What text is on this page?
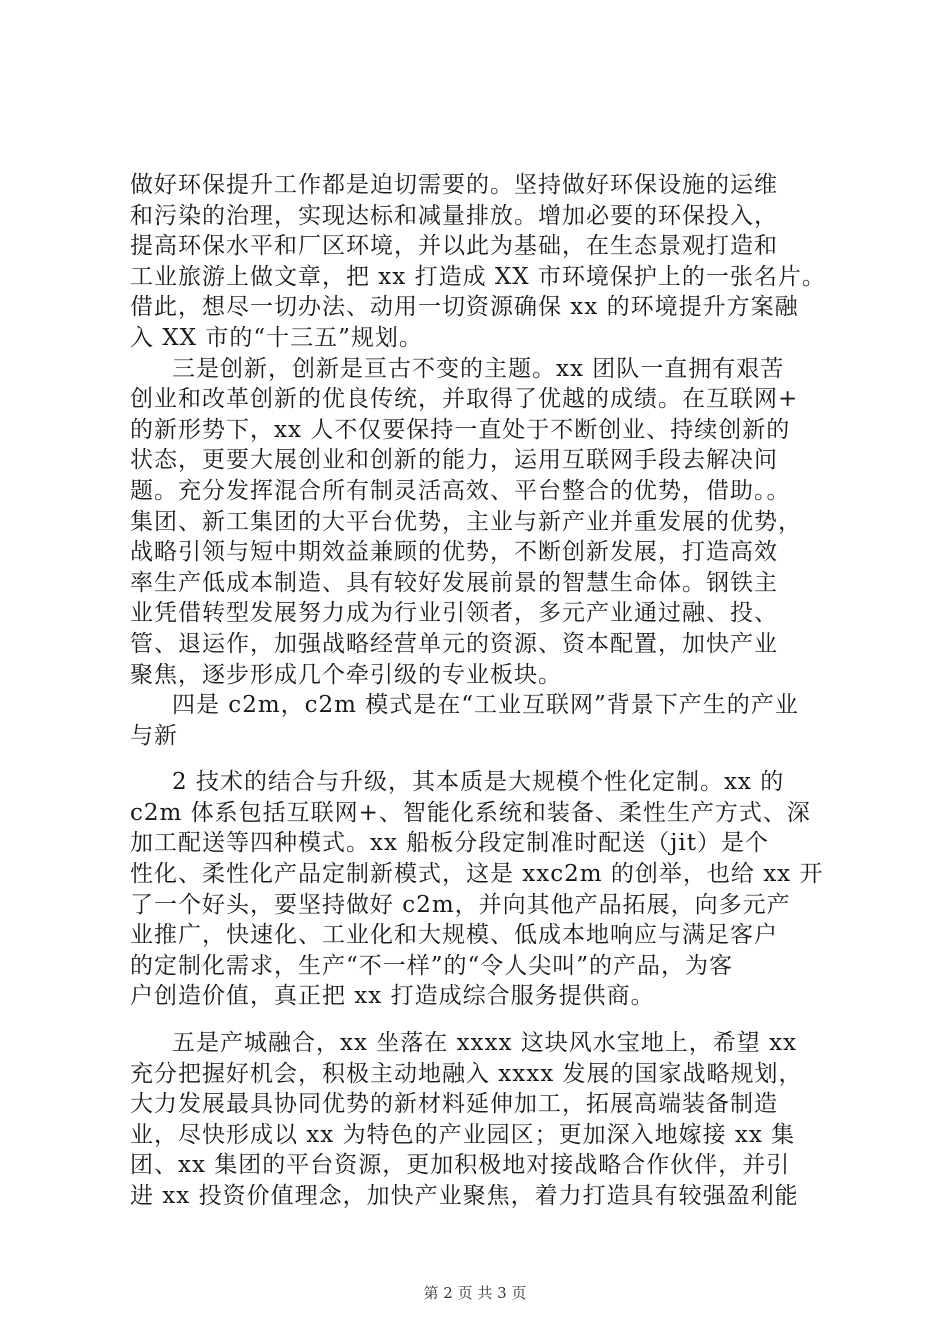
做好环保提升工作都是迫切需要的。坚持做好环保设施的运维
和污染的治理，实现达标和减量排放。增加必要的环保投入，
提高环保水平和厂区环境，并以此为基础，在生态景观打造和
工业旅游上做文章，把 xx 打造成 XX 市环境保护上的一张名片。
借此，想尽一切办法、动用一切资源确保 xx 的环境提升方案融
入 XX 市的“十三五”规划。
三是创新，创新是亘古不变的主题。xx 团队一直拥有艰苦
创业和改革创新的优良传统，并取得了优越的成绩。在互联网+
的新形势下，xx 人不仅要保持一直处于不断创业、持续创新的
状态，更要大展创业和创新的能力，运用互联网手段去解决问
题。充分发挥混合所有制灵活高效、平台整合的优势，借助。。
集团、新工集团的大平台优势，主业与新产业并重发展的优势，
战略引领与短中期效益兼顾的优势，不断创新发展，打造高效
率生产低成本制造、具有较好发展前景的智慧生命体。钢铁主
业凭借转型发展努力成为行业引领者，多元产业通过融、投、
管、退运作，加强战略经营单元的资源、资本配置，加快产业
聚焦，逐步形成几个牵引级的专业板块。
四是 c2m，c2m 模式是在“工业互联网”背景下产生的产业
与新
2 技术的结合与升级，其本质是大规模个性化定制。xx 的
c2m 体系包括互联网+、智能化系统和装备、柔性生产方式、深
加工配送等四种模式。xx 船板分段定制准时配送（jit）是个
性化、柔性化产品定制新模式，这是 xxc2m 的创举，也给 xx 开
了一个好头，要坚持做好 c2m，并向其他产品拓展，向多元产
业推广，快速化、工业化和大规模、低成本地响应与满足客户
的定制化需求，生产“不一样”的“令人尖叫”的产品，为客
户创造价值，真正把 xx 打造成综合服务提供商。
五是产城融合，xx 坐落在 xxxx 这块风水宝地上，希望 xx
充分把握好机会，积极主动地融入 xxxx 发展的国家战略规划，
大力发展最具协同优势的新材料延伸加工，拓展高端装备制造
业，尽快形成以 xx 为特色的产业园区；更加深入地嫁接 xx 集
团、xx 集团的平台资源，更加积极地对接战略合作伙伴，并引
进 xx 投资价值理念，加快产业聚焦，着力打造具有较强盈利能
第 2 页 共 3 页
